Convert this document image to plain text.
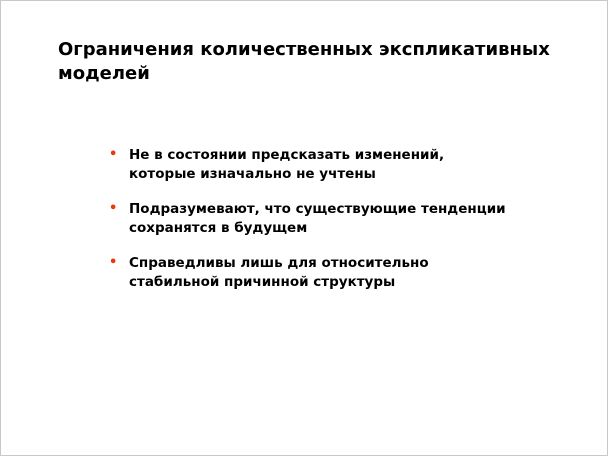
Ограничения количественных экспликативных моделей
• Не в состоянии предсказать изменений, которые изначально не учтены
• Подразумевают, что существующие тенденции сохранятся в будущем
• Справедливы лишь для относительно стабильной причинной структуры
